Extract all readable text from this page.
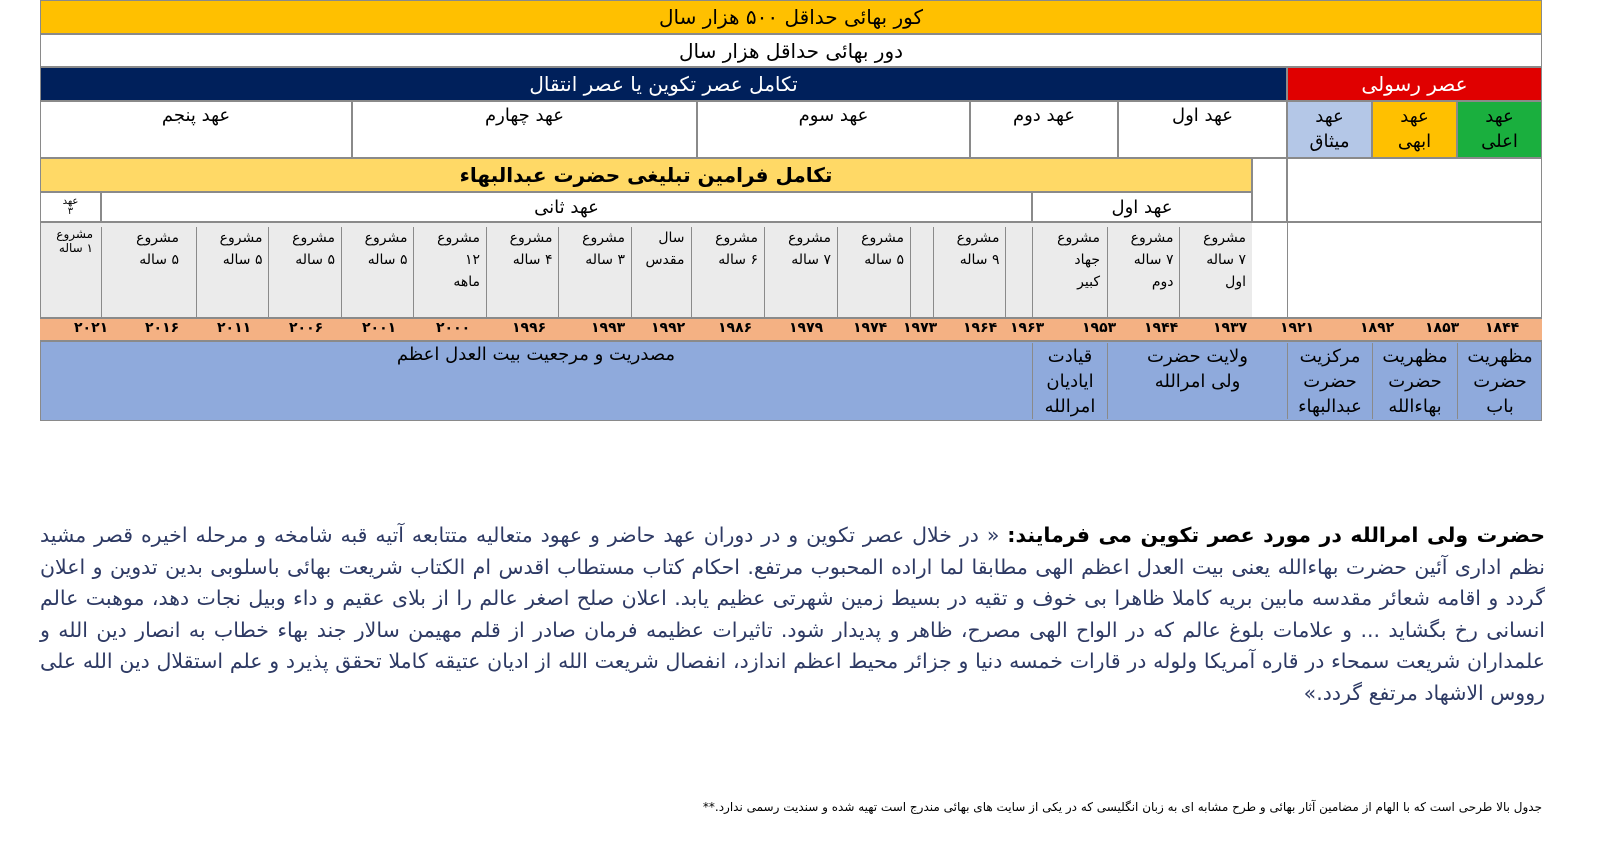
کور بهائی حداقل ۵۰۰ هزار سال
دور بهائی حداقل هزار سال
تکامل عصر تکوین یا عصر انتقال	عصر رسولی
عهد اول
عهد دوم
عهد سوم
عهد چهارم
عهد پنجم	عهد
اعلی
عهد
ابهی
عهد
میثاق
تکامل فرامین تبلیغی حضرت عبدالبهاء
عهد اول
عهد ثانی
عهد
۳
مشروع
۷ ساله
اول
مشروع
۷ ساله
دوم
مشروع
جهاد
کبیر
مشروع
۹ ساله
مشروع
۵ ساله
مشروع
۷ ساله
مشروع
۶ ساله
سال
مقدس
مشروع
۳ ساله
مشروع
۴ ساله
مشروع
۱۲
ماهه
مشروع
۵ ساله
مشروع
۵ ساله
مشروع
۵ ساله
مشروع
۵ ساله
مشروع
۱ ساله
۱۸۴۴
۱۸۵۳
۱۸۹۲
۱۹۲۱
۱۹۳۷
۱۹۴۴
۱۹۵۳
۱۹۶۳
۱۹۶۴
۱۹۷۳
۱۹۷۴
۱۹۷۹
۱۹۸۶
۱۹۹۲
۱۹۹۳
۱۹۹۶
۲۰۰۰
۲۰۰۱
۲۰۰۶
۲۰۱۱
۲۰۱۶
۲۰۲۱
مظهریت
حضرت
باب
مظهریت
حضرت
بهاءالله
مرکزیت
حضرت
عبدالبهاء
ولایت حضرت
ولی امرالله
قیادت
ایادیان
امرالله
مصدریت و مرجعیت بیت العدل اعظم
حضرت ولی امرالله در مورد عصر تکوین می فرمایند: « در خلال عصر تکوین و در دوران عهد حاضر و عهود متعالیه متتابعه آتیه قبه شامخه و مرحله اخیره قصر مشید نظم اداری آئین حضرت بهاءالله یعنی بیت العدل اعظم الهی مطابقا لما اراده المحبوب مرتفع. احکام کتاب مستطاب اقدس ام الکتاب شریعت بهائی باسلوبی بدین تدوین و اعلان گردد و اقامه شعائر مقدسه مابین بریه کاملا ظاهرا بی خوف و تقیه در بسیط زمین شهرتی عظیم یابد. اعلان صلح اصغر عالم را از بلای عقیم و داء وبیل نجات دهد، موهبت عالم انسانی رخ بگشاید ... و علامات بلوغ عالم که در الواح الهی مصرح، ظاهر و پدیدار شود. تاثیرات عظیمه فرمان صادر از قلم مهیمن سالار جند بهاء خطاب به انصار دین الله و علمداران شریعت سمحاء در قاره آمریکا ولوله در قارات خمسه دنیا و جزائر محیط اعظم اندازد، انفصال شریعت الله از ادیان عتیقه کاملا تحقق پذیرد و علم استقلال دین الله علی رووس الاشهاد مرتفع گردد.»
جدول بالا طرحی است که با الهام از مضامین آثار بهائی و طرح مشابه ای به زبان انگلیسی که در یکی از سایت های بهائی مندرج است تهیه شده و سندیت رسمی ندارد.**
